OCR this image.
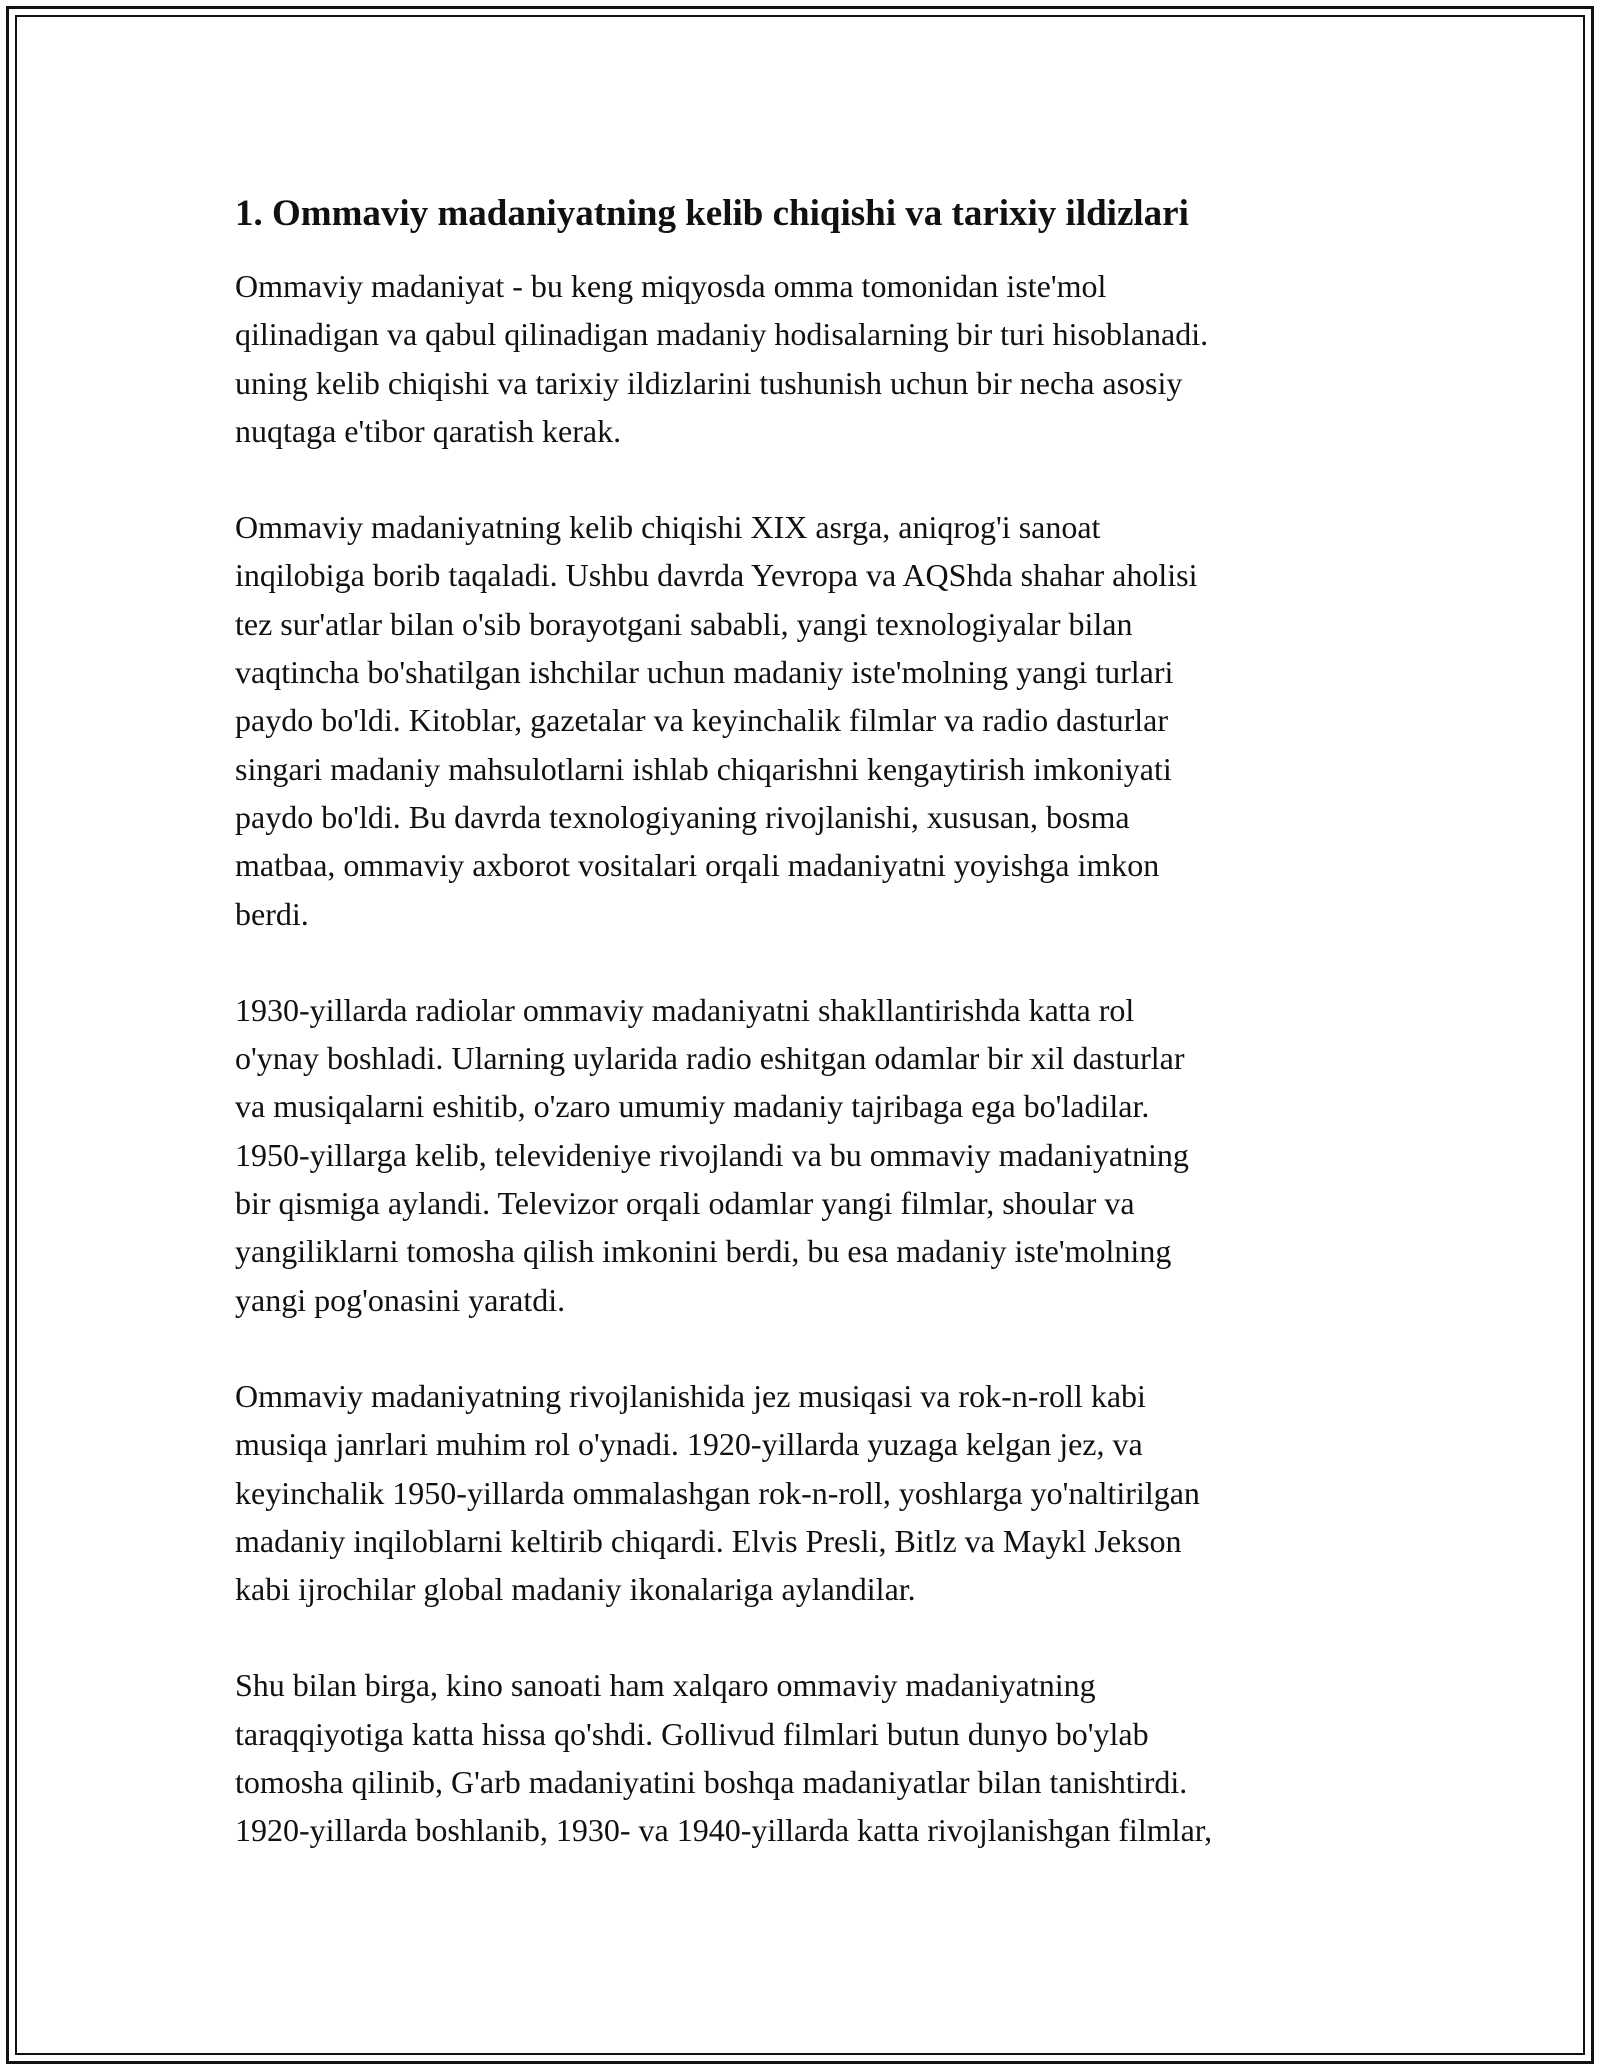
1. Ommaviy madaniyatning kelib chiqishi va tarixiy ildizlari

Ommaviy madaniyat - bu keng miqyosda omma tomonidan iste'mol
qilinadigan va qabul qilinadigan madaniy hodisalarning bir turi hisoblanadi.
uning kelib chiqishi va tarixiy ildizlarini tushunish uchun bir necha asosiy
nuqtaga e'tibor qaratish kerak.

Ommaviy madaniyatning kelib chiqishi XIX asrga, aniqrog'i sanoat
inqilobiga borib taqaladi. Ushbu davrda Yevropa va AQShda shahar aholisi
tez sur'atlar bilan o'sib borayotgani sababli, yangi texnologiyalar bilan
vaqtincha bo'shatilgan ishchilar uchun madaniy iste'molning yangi turlari
paydo bo'ldi. Kitoblar, gazetalar va keyinchalik filmlar va radio dasturlar
singari madaniy mahsulotlarni ishlab chiqarishni kengaytirish imkoniyati
paydo bo'ldi. Bu davrda texnologiyaning rivojlanishi, xususan, bosma
matbaa, ommaviy axborot vositalari orqali madaniyatni yoyishga imkon
berdi.

1930-yillarda radiolar ommaviy madaniyatni shakllantirishda katta rol
o'ynay boshladi. Ularning uylarida radio eshitgan odamlar bir xil dasturlar
va musiqalarni eshitib, o'zaro umumiy madaniy tajribaga ega bo'ladilar.
1950-yillarga kelib, televideniye rivojlandi va bu ommaviy madaniyatning
bir qismiga aylandi. Televizor orqali odamlar yangi filmlar, shoular va
yangiliklarni tomosha qilish imkonini berdi, bu esa madaniy iste'molning
yangi pog'onasini yaratdi.

Ommaviy madaniyatning rivojlanishida jez musiqasi va rok-n-roll kabi
musiqa janrlari muhim rol o'ynadi. 1920-yillarda yuzaga kelgan jez, va
keyinchalik 1950-yillarda ommalashgan rok-n-roll, yoshlarga yo'naltirilgan
madaniy inqiloblarni keltirib chiqardi. Elvis Presli, Bitlz va Maykl Jekson
kabi ijrochilar global madaniy ikonalariga aylandilar.

Shu bilan birga, kino sanoati ham xalqaro ommaviy madaniyatning
taraqqiyotiga katta hissa qo'shdi. Gollivud filmlari butun dunyo bo'ylab
tomosha qilinib, G'arb madaniyatini boshqa madaniyatlar bilan tanishtirdi.
1920-yillarda boshlanib, 1930- va 1940-yillarda katta rivojlanishgan filmlar,
